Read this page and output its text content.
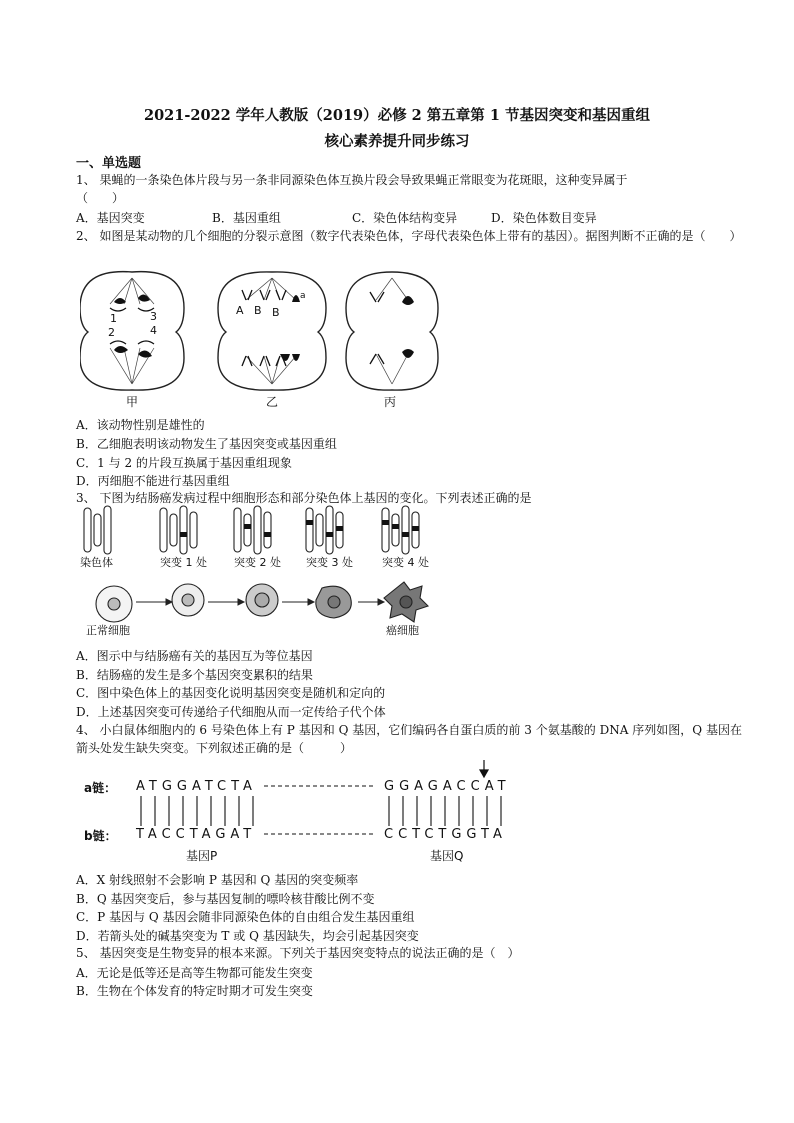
2021-2022 学年人教版（2019）必修 2 第五章第 1 节基因突变和基因重组
核心素养提升同步练习
一、单选题
1、 果蝇的一条染色体片段与另一条非同源染色体互换片段会导致果蝇正常眼变为花斑眼，这种变异属于
（　　）
A．基因突变	B．基因重组	C．染色体结构变异	D．染色体数目变异
2、 如图是某动物的几个细胞的分裂示意图（数字代表染色体，字母代表染色体上带有的基因）。据图判断不正确的是（　　）
1
2
3
4
A B B
a
甲	乙	丙
A．该动物性别是雄性的
B．乙细胞表明该动物发生了基因突变或基因重组
C．1 与 2 的片段互换属于基因重组现象
D．丙细胞不能进行基因重组
3、 下图为结肠癌发病过程中细胞形态和部分染色体上基因的变化。下列表述正确的是
染色体	突变 1 处 突变 2 处 突变 3 处	突变 4 处
正常细胞	癌细胞
A．图示中与结肠癌有关的基因互为等位基因
B．结肠癌的发生是多个基因突变累积的结果
C．图中染色体上的基因变化说明基因突变是随机和定向的
D．上述基因突变可传递给子代细胞从而一定传给子代个体
4、 小白鼠体细胞内的 6 号染色体上有 P 基因和 Q 基因，它们编码各自蛋白质的前 3 个氨基酸的 DNA 序列如图，Q 基因在箭头处发生缺失突变。下列叙述正确的是（　　　）
a链：
b链：
ATGGATCTA
TACCTAGAT
GGAGACCAT
CCTCTGGTA
基因P	基因Q
A．X 射线照射不会影响 P 基因和 Q 基因的突变频率
B．Q 基因突变后，参与基因复制的嘌呤核苷酸比例不变
C．P 基因与 Q 基因会随非同源染色体的自由组合发生基因重组
D．若箭头处的碱基突变为 T 或 Q 基因缺失，均会引起基因突变
5、 基因突变是生物变异的根本来源。下列关于基因突变特点的说法正确的是（　）
A．无论是低等还是高等生物都可能发生突变
B．生物在个体发育的特定时期才可发生突变
